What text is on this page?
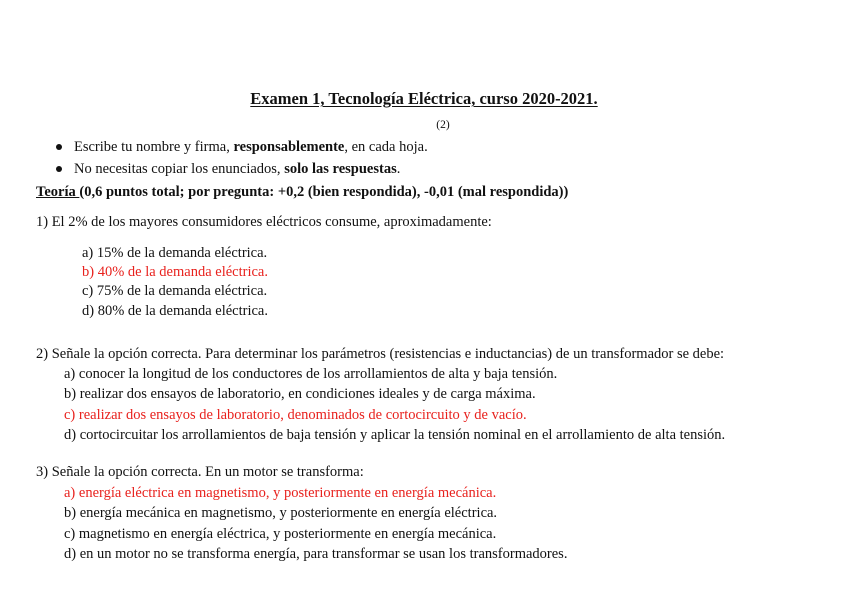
Examen 1, Tecnología Eléctrica, curso 2020-2021.
(2)
Escribe tu nombre y firma, responsablemente, en cada hoja.
No necesitas copiar los enunciados, solo las respuestas.
Teoría (0,6 puntos total; por pregunta: +0,2 (bien respondida), -0,01 (mal respondida))
1) El 2% de los mayores consumidores eléctricos consume, aproximadamente:
a) 15% de la demanda eléctrica.
b) 40% de la demanda eléctrica.
c) 75% de la demanda eléctrica.
d) 80% de la demanda eléctrica.
2) Señale la opción correcta. Para determinar los parámetros (resistencias e inductancias) de un transformador se debe:
a) conocer la longitud de los conductores de los arrollamientos de alta y baja tensión.
b) realizar dos ensayos de laboratorio, en condiciones ideales y de carga máxima.
c) realizar dos ensayos de laboratorio, denominados de cortocircuito y de vacío.
d) cortocircuitar los arrollamientos de baja tensión y aplicar la tensión nominal en el arrollamiento de alta tensión.
3) Señale la opción correcta. En un motor se transforma:
a) energía eléctrica en magnetismo, y posteriormente en energía mecánica.
b) energía mecánica en magnetismo, y posteriormente en energía eléctrica.
c) magnetismo en energía eléctrica, y posteriormente en energía mecánica.
d) en un motor no se transforma energía, para transformar se usan los transformadores.
